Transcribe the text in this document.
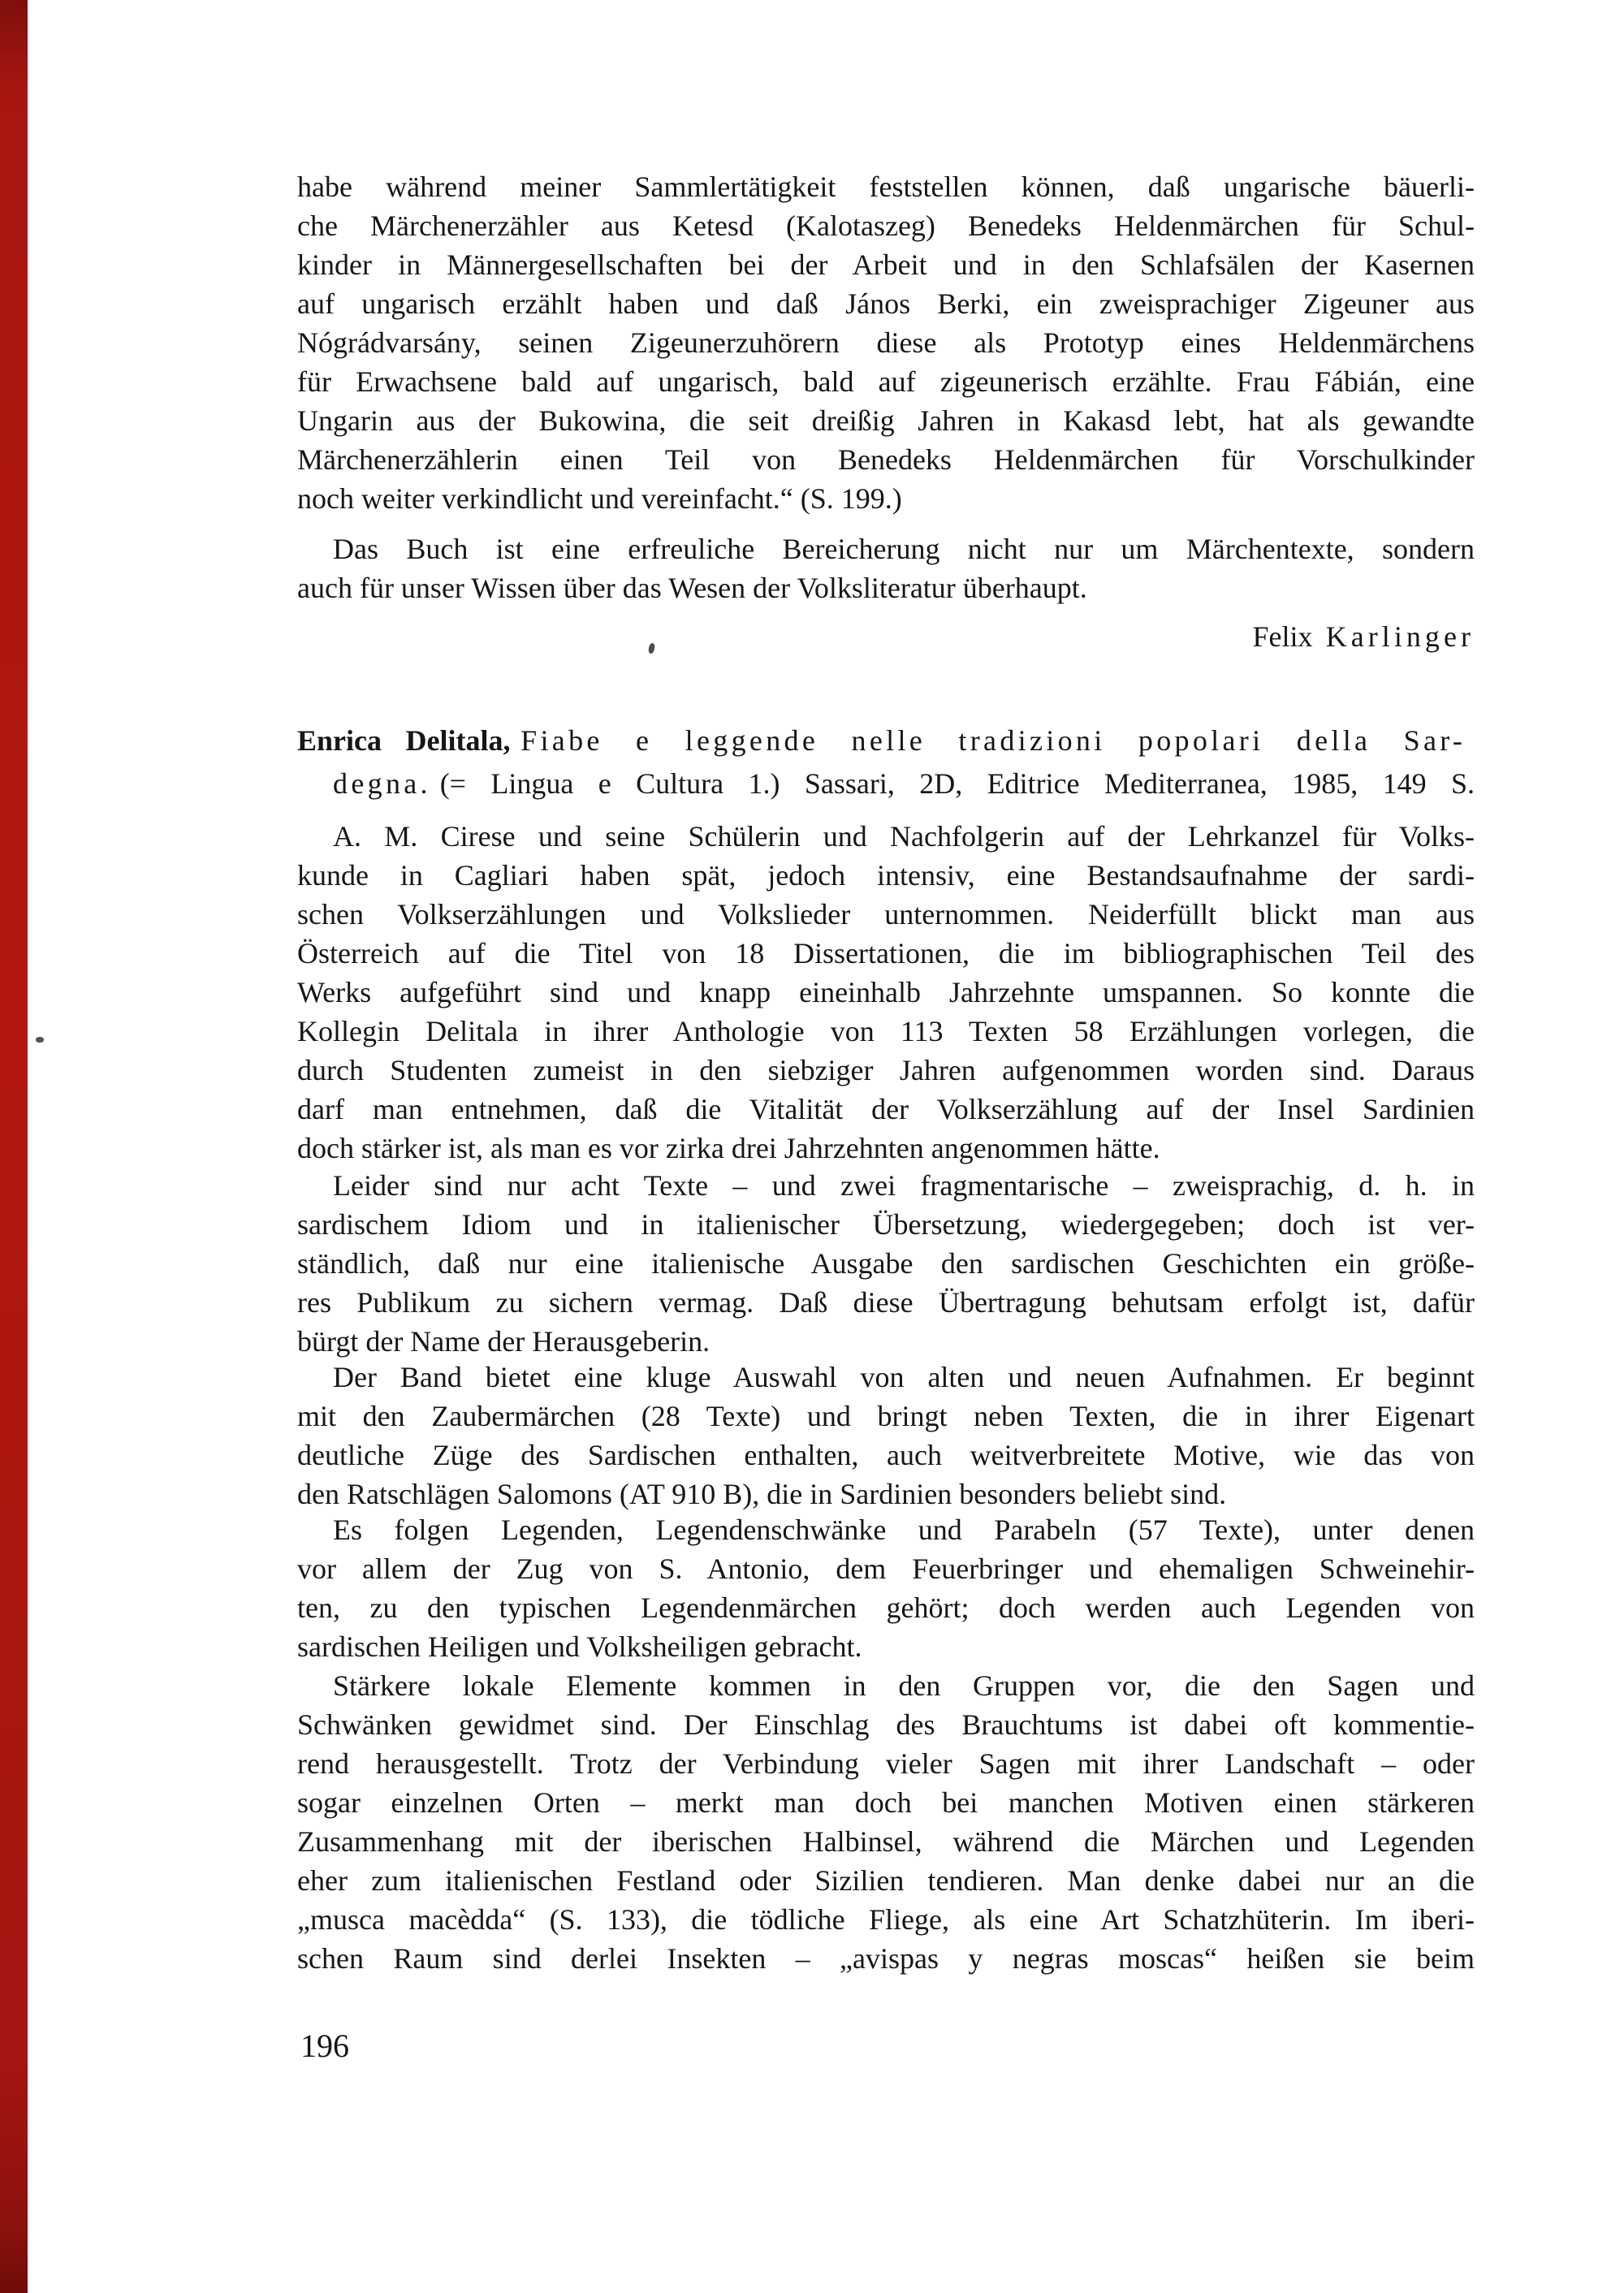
habe während meiner Sammlertätigkeit feststellen können, daß ungarische bäuerli-
che Märchenerzähler aus Ketesd (Kalotaszeg) Benedeks Heldenmärchen für Schul-
kinder in Männergesellschaften bei der Arbeit und in den Schlafsälen der Kasernen
auf ungarisch erzählt haben und daß János Berki, ein zweisprachiger Zigeuner aus
Nógrádvarsány, seinen Zigeunerzuhörern diese als Prototyp eines Heldenmärchens
für Erwachsene bald auf ungarisch, bald auf zigeunerisch erzählte. Frau Fábián, eine
Ungarin aus der Bukowina, die seit dreißig Jahren in Kakasd lebt, hat als gewandte
Märchenerzählerin einen Teil von Benedeks Heldenmärchen für Vorschulkinder
noch weiter verkindlicht und vereinfacht.“ (S. 199.)
Das Buch ist eine erfreuliche Bereicherung nicht nur um Märchentexte, sondern
auch für unser Wissen über das Wesen der Volksliteratur überhaupt.
Felix Karlinger
Enrica Delitala, Fiabe e leggende nelle tradizioni popolari della Sar-
degna. (= Lingua e Cultura 1.) Sassari, 2D, Editrice Mediterranea, 1985, 149 S.
A. M. Cirese und seine Schülerin und Nachfolgerin auf der Lehrkanzel für Volks-
kunde in Cagliari haben spät, jedoch intensiv, eine Bestandsaufnahme der sardi-
schen Volkserzählungen und Volkslieder unternommen. Neiderfüllt blickt man aus
Österreich auf die Titel von 18 Dissertationen, die im bibliographischen Teil des
Werks aufgeführt sind und knapp eineinhalb Jahrzehnte umspannen. So konnte die
Kollegin Delitala in ihrer Anthologie von 113 Texten 58 Erzählungen vorlegen, die
durch Studenten zumeist in den siebziger Jahren aufgenommen worden sind. Daraus
darf man entnehmen, daß die Vitalität der Volkserzählung auf der Insel Sardinien
doch stärker ist, als man es vor zirka drei Jahrzehnten angenommen hätte.
Leider sind nur acht Texte – und zwei fragmentarische – zweisprachig, d. h. in
sardischem Idiom und in italienischer Übersetzung, wiedergegeben; doch ist ver-
ständlich, daß nur eine italienische Ausgabe den sardischen Geschichten ein größe-
res Publikum zu sichern vermag. Daß diese Übertragung behutsam erfolgt ist, dafür
bürgt der Name der Herausgeberin.
Der Band bietet eine kluge Auswahl von alten und neuen Aufnahmen. Er beginnt
mit den Zaubermärchen (28 Texte) und bringt neben Texten, die in ihrer Eigenart
deutliche Züge des Sardischen enthalten, auch weitverbreitete Motive, wie das von
den Ratschlägen Salomons (AT 910 B), die in Sardinien besonders beliebt sind.
Es folgen Legenden, Legendenschwänke und Parabeln (57 Texte), unter denen
vor allem der Zug von S. Antonio, dem Feuerbringer und ehemaligen Schweinehir-
ten, zu den typischen Legendenmärchen gehört; doch werden auch Legenden von
sardischen Heiligen und Volksheiligen gebracht.
Stärkere lokale Elemente kommen in den Gruppen vor, die den Sagen und
Schwänken gewidmet sind. Der Einschlag des Brauchtums ist dabei oft kommentie-
rend herausgestellt. Trotz der Verbindung vieler Sagen mit ihrer Landschaft – oder
sogar einzelnen Orten – merkt man doch bei manchen Motiven einen stärkeren
Zusammenhang mit der iberischen Halbinsel, während die Märchen und Legenden
eher zum italienischen Festland oder Sizilien tendieren. Man denke dabei nur an die
„musca macèdda“ (S. 133), die tödliche Fliege, als eine Art Schatzhüterin. Im iberi-
schen Raum sind derlei Insekten – „avispas y negras moscas“ heißen sie beim
196
